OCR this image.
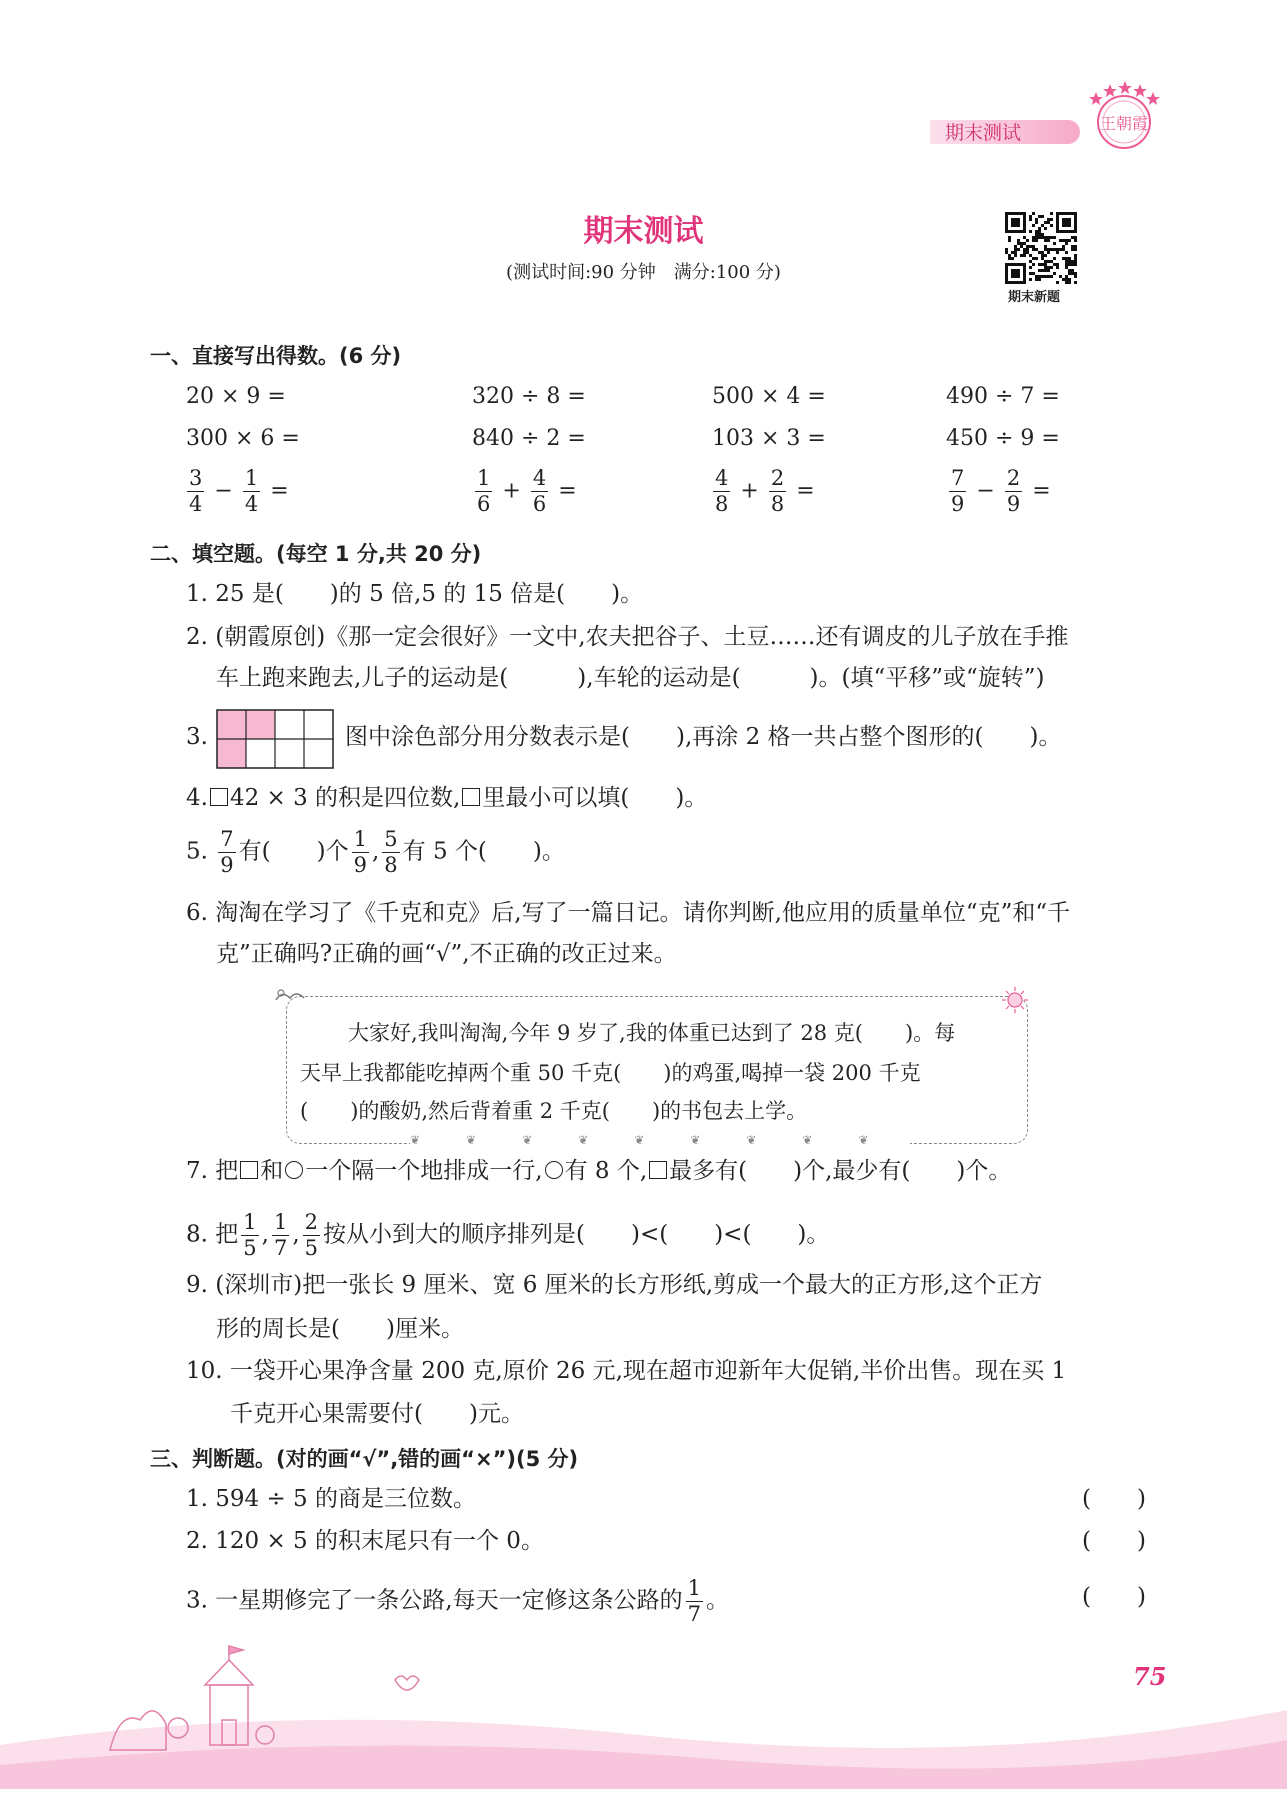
期末测试	王朝霞
期末测试
(测试时间:90 分钟　满分:100 分)
期末新题
一、直接写出得数。(6 分)
20 × 9 =	320 ÷ 8 =	500 × 4 =	490 ÷ 7 =
300 × 6 =	840 ÷ 2 =	103 × 3 =	450 ÷ 9 =
$\frac{3}{4} - \frac{1}{4}$ =	$\frac{1}{6} + \frac{4}{6}$ =	$\frac{4}{8} + \frac{2}{8}$ =	$\frac{7}{9} - \frac{2}{9}$ =
二、填空题。(每空 1 分,共 20 分)
1. 25 是(　　)的 5 倍,5 的 15 倍是(　　)。
2. (朝霞原创)《那一定会很好》一文中,农夫把谷子、土豆……还有调皮的儿子放在手推
车上跑来跑去,儿子的运动是(　　　),车轮的运动是(　　　)。(填“平移”或“旋转”)
3.	图中涂色部分用分数表示是(　　),再涂 2 格一共占整个图形的(　　)。
4. 42 × 3 的积是四位数, 里最小可以填(　　)。
5. $\frac{7}{9}$ 有(　　)个 $\frac{1}{9}$ , $\frac{5}{8}$ 有 5 个(　　)。
6. 淘淘在学习了《千克和克》后,写了一篇日记。请你判断,他应用的质量单位“克”和“千
克”正确吗?正确的画“√”,不正确的改正过来。
❦❦❦❦❦❦❦❦❦
大家好,我叫淘淘,今年 9 岁了,我的体重已达到了 28 克(　　)。每
天早上我都能吃掉两个重 50 千克(　　)的鸡蛋,喝掉一袋 200 千克
(　　)的酸奶,然后背着重 2 千克(　　)的书包去上学。
7. 把 和 一个隔一个地排成一行, 有 8 个, 最多有(　　)个,最少有(　　)个。
8. 把 $\frac{1}{5}$ , $\frac{1}{7}$ , $\frac{2}{5}$ 按从小到大的顺序排列是(　　)<(　　)<(　　)。
9. (深圳市)把一张长 9 厘米、宽 6 厘米的长方形纸,剪成一个最大的正方形,这个正方
形的周长是(　　)厘米。
10. 一袋开心果净含量 200 克,原价 26 元,现在超市迎新年大促销,半价出售。现在买 1
千克开心果需要付(　　)元。
三、判断题。(对的画“√”,错的画“×”)(5 分)
1. 594 ÷ 5 的商是三位数。	(　　)
2. 120 × 5 的积末尾只有一个 0。	(　　)
3. 一星期修完了一条公路,每天一定修这条公路的 $\frac{1}{7}$ 。	(　　)
75
